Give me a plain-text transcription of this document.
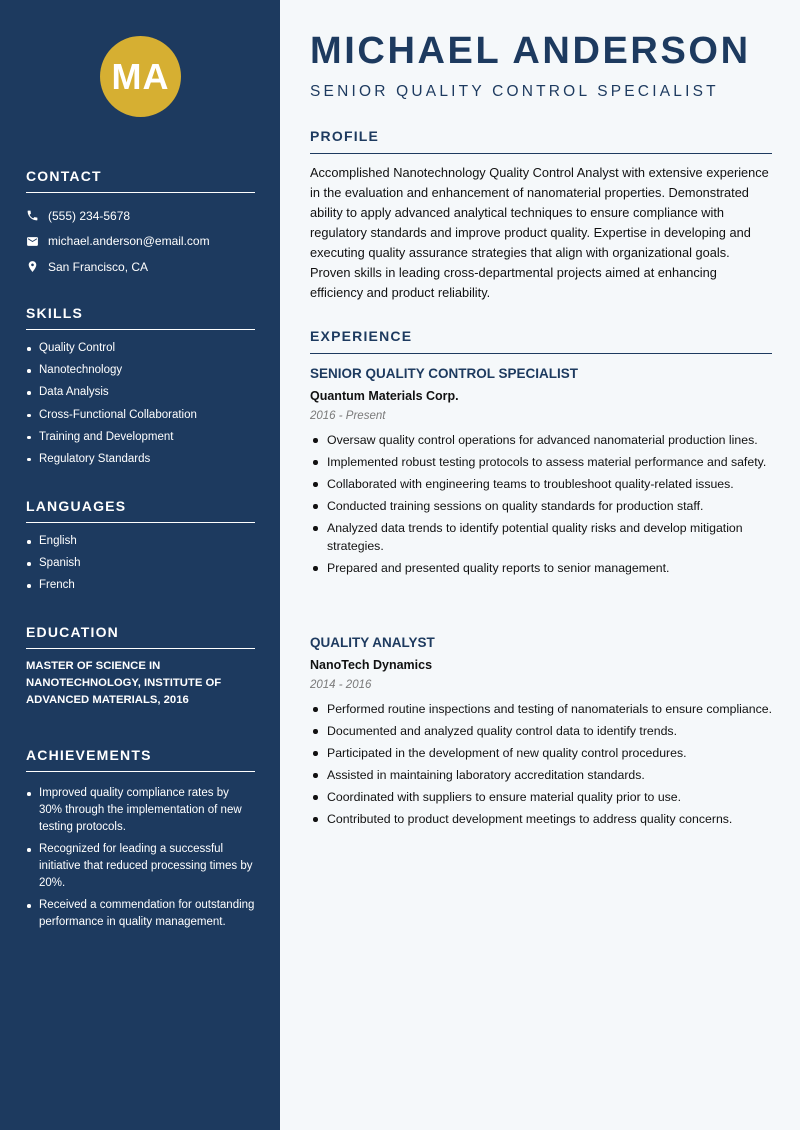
MA
CONTACT
(555) 234-5678
michael.anderson@email.com
San Francisco, CA
SKILLS
Quality Control
Nanotechnology
Data Analysis
Cross-Functional Collaboration
Training and Development
Regulatory Standards
LANGUAGES
English
Spanish
French
EDUCATION

MASTER OF SCIENCE IN NANOTECHNOLOGY, INSTITUTE OF ADVANCED MATERIALS, 2016

ACHIEVEMENTS
Improved quality compliance rates by 30% through the implementation of new testing protocols.
Recognized for leading a successful initiative that reduced processing times by 20%.
Received a commendation for outstanding performance in quality management.
MICHAEL ANDERSON
SENIOR QUALITY CONTROL SPECIALIST
PROFILE

Accomplished Nanotechnology Quality Control Analyst with extensive experience in the evaluation and enhancement of nanomaterial properties. Demonstrated ability to apply advanced analytical techniques to ensure compliance with regulatory standards and improve product quality. Expertise in developing and executing quality assurance strategies that align with organizational goals. Proven skills in leading cross-departmental projects aimed at enhancing efficiency and product reliability.

EXPERIENCE
SENIOR QUALITY CONTROL SPECIALIST
Quantum Materials Corp.
2016 - Present
Oversaw quality control operations for advanced nanomaterial production lines.
Implemented robust testing protocols to assess material performance and safety.
Collaborated with engineering teams to troubleshoot quality-related issues.
Conducted training sessions on quality standards for production staff.
Analyzed data trends to identify potential quality risks and develop mitigation strategies.
Prepared and presented quality reports to senior management.
QUALITY ANALYST
NanoTech Dynamics
2014 - 2016
Performed routine inspections and testing of nanomaterials to ensure compliance.
Documented and analyzed quality control data to identify trends.
Participated in the development of new quality control procedures.
Assisted in maintaining laboratory accreditation standards.
Coordinated with suppliers to ensure material quality prior to use.
Contributed to product development meetings to address quality concerns.
